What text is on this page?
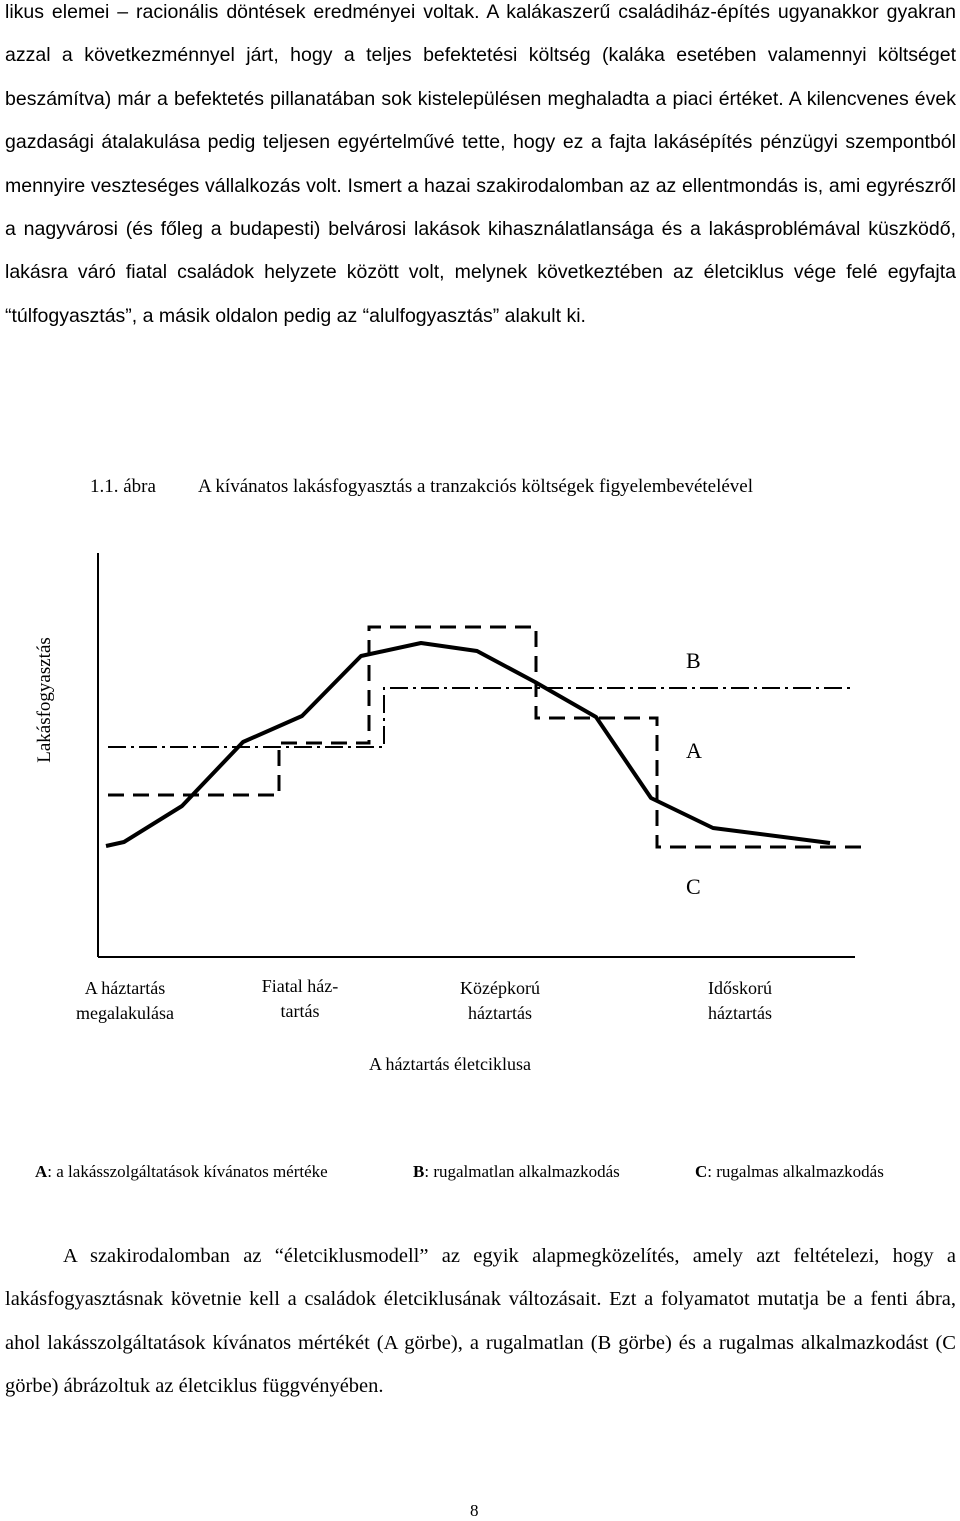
likus elemei – racionális döntések eredményei voltak. A kalákaszerű családiház-építés ugyanakkor gyakran azzal a következménnyel járt, hogy a teljes befektetési költség (kaláka esetében valamennyi költséget beszámítva) már a befektetés pillanatában sok kistelepülésen meghaladta a piaci értéket. A kilencvenes évek gazdasági átalakulása pedig teljesen egyértelművé tette, hogy ez a fajta lakásépítés pénzügyi szempontból mennyire veszteséges vállalkozás volt. Ismert a hazai szakirodalomban az az ellentmondás is, ami egyrészről a nagyvárosi (és főleg a budapesti) belvárosi lakások kihasználatlansága és a lakásproblémával küszködő, lakásra váró fiatal családok helyzete között volt, melynek következtében az életciklus vége felé egyfajta “túlfogyasztás”, a másik oldalon pedig az “alulfogyasztás” alakult ki.

1.1. ábra A kívánatos lakásfogyasztás a tranzakciós költségek figyelembevételével
Lakásfogyasztás	B
A
C
A háztartás
megalakulása
Fiatal ház-
tartás
Középkorú
háztartás
Időskorú
háztartás
A háztartás életciklusa
A: a lakásszolgáltatások kívánatos mértéke	B: rugalmatlan alkalmazkodás	C: rugalmas alkalmazkodás

A szakirodalomban az “életciklusmodell” az egyik alapmegközelítés, amely azt feltételezi, hogy a lakásfogyasztásnak követnie kell a családok életciklusának változásait. Ezt a folyamatot mutatja be a fenti ábra, ahol lakásszolgáltatások kívánatos mértékét (A görbe), a rugalmatlan (B görbe) és a rugalmas alkalmazkodást (C görbe) ábrázoltuk az életciklus függvényében.

8
